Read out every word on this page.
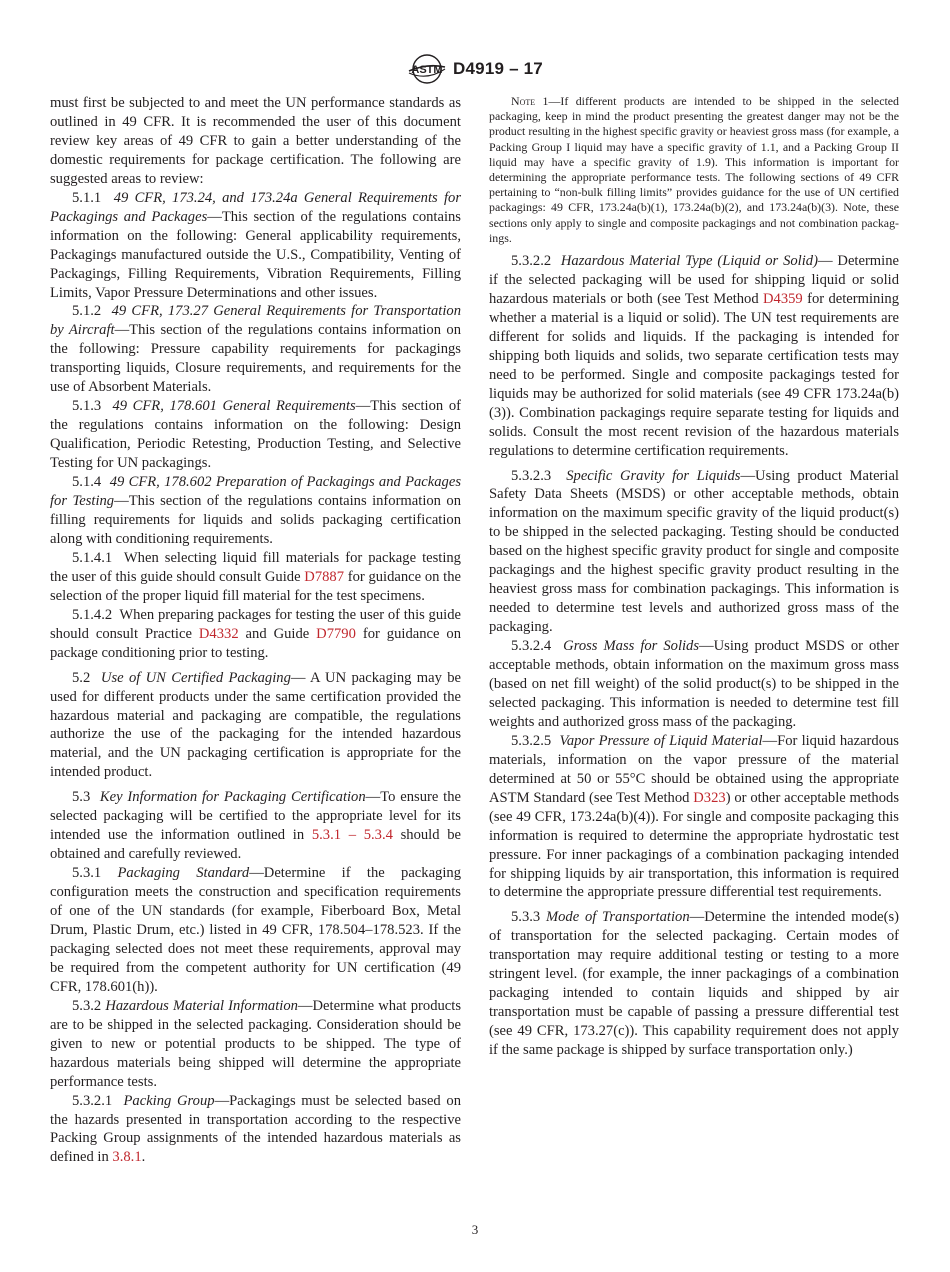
ASTM D4919 – 17

must first be subjected to and meet the UN performance standards as outlined in 49 CFR. It is recommended the user of this document review key areas of 49 CFR to gain a better understanding of the domestic requirements for package certification. The following are suggested areas to review:

5.1.1 49 CFR, 173.24, and 173.24a General Requirements for Packagings and Packages—This section of the regulations contains information on the following: General applicability requirements, Packagings manufactured outside the U.S., Compatibility, Venting of Packagings, Filling Requirements, Vibration Requirements, Filling Limits, Vapor Pressure Determinations and other issues.

5.1.2 49 CFR, 173.27 General Requirements for Transportation by Aircraft—This section of the regulations contains information on the following: Pressure capability requirements for packagings transporting liquids, Closure requirements, and requirements for the use of Absorbent Materials.

5.1.3 49 CFR, 178.601 General Requirements—This section of the regulations contains information on the following: Design Qualification, Periodic Retesting, Production Testing, and Selective Testing for UN packagings.

5.1.4 49 CFR, 178.602 Preparation of Packagings and Packages for Testing—This section of the regulations contains information on filling requirements for liquids and solids packaging certification along with conditioning requirements.

5.1.4.1 When selecting liquid fill materials for package testing the user of this guide should consult Guide D7887 for guidance on the selection of the proper liquid fill material for the test specimens.

5.1.4.2 When preparing packages for testing the user of this guide should consult Practice D4332 and Guide D7790 for guidance on package conditioning prior to testing.

5.2 Use of UN Certified Packaging— A UN packaging may be used for different products under the same certification provided the hazardous material and packaging are compatible, the regulations authorize the use of the packaging for the intended hazardous material, and the UN packaging certification is appropriate for the intended product.

5.3 Key Information for Packaging Certification—To ensure the selected packaging will be certified to the appropriate level for its intended use the information outlined in 5.3.1 – 5.3.4 should be obtained and carefully reviewed.

5.3.1 Packaging Standard—Determine if the packaging configuration meets the construction and specification requirements of one of the UN standards (for example, Fiberboard Box, Metal Drum, Plastic Drum, etc.) listed in 49 CFR, 178.504–178.523. If the packaging selected does not meet these requirements, approval may be required from the competent authority for UN certification (49 CFR, 178.601(h)).

5.3.2 Hazardous Material Information—Determine what products are to be shipped in the selected packaging. Consideration should be given to new or potential products to be shipped. The type of hazardous materials being shipped will determine the appropriate performance tests.

5.3.2.1 Packing Group—Packagings must be selected based on the hazards presented in transportation according to the respective Packing Group assignments of the intended hazardous materials as defined in 3.8.1.

Note 1—If different products are intended to be shipped in the selected packaging, keep in mind the product presenting the greatest danger may not be the product resulting in the highest specific gravity or heaviest gross mass (for example, a Packing Group I liquid may have a specific gravity of 1.1, and a Packing Group II liquid may have a specific gravity of 1.9). This information is important for determining the appropriate performance tests. The following sections of 49 CFR pertaining to “non-bulk filling limits” provides guidance for the use of UN certified packagings: 49 CFR, 173.24a(b)(1), 173.24a(b)(2), and 173.24a(b)(3). Note, these sections only apply to single and composite packagings and not combination packagings.

5.3.2.2 Hazardous Material Type (Liquid or Solid)— Determine if the selected packaging will be used for shipping liquid or solid hazardous materials or both (see Test Method D4359 for determining whether a material is a liquid or solid). The UN test requirements are different for solids and liquids. If the packaging is intended for shipping both liquids and solids, two separate certification tests may need to be performed. Single and composite packagings tested for liquids may be authorized for solid materials (see 49 CFR 173.24a(b)(3)). Combination packagings require separate testing for liquids and solids. Consult the most recent revision of the hazardous materials regulations to determine certification requirements.

5.3.2.3 Specific Gravity for Liquids—Using product Material Safety Data Sheets (MSDS) or other acceptable methods, obtain information on the maximum specific gravity of the liquid product(s) to be shipped in the selected packaging. Testing should be conducted based on the highest specific gravity product for single and composite packagings and the highest specific gravity product resulting in the heaviest gross mass for combination packagings. This information is needed to determine test levels and authorized gross mass of the packaging.

5.3.2.4 Gross Mass for Solids—Using product MSDS or other acceptable methods, obtain information on the maximum gross mass (based on net fill weight) of the solid product(s) to be shipped in the selected packaging. This information is needed to determine test fill weights and authorized gross mass of the packaging.

5.3.2.5 Vapor Pressure of Liquid Material—For liquid hazardous materials, information on the vapor pressure of the material determined at 50 or 55°C should be obtained using the appropriate ASTM Standard (see Test Method D323) or other acceptable methods (see 49 CFR, 173.24a(b)(4)). For single and composite packaging this information is required to determine the appropriate hydrostatic test pressure. For inner packagings of a combination packaging intended for shipping liquids by air transportation, this information is required to determine the appropriate pressure differential test requirements.

5.3.3 Mode of Transportation—Determine the intended mode(s) of transportation for the selected packaging. Certain modes of transportation may require additional testing or testing to a more stringent level. (for example, the inner packagings of a combination packaging intended to contain liquids and shipped by air transportation must be capable of passing a pressure differential test (see 49 CFR, 173.27(c)). This capability requirement does not apply if the same package is shipped by surface transportation only.)

3
